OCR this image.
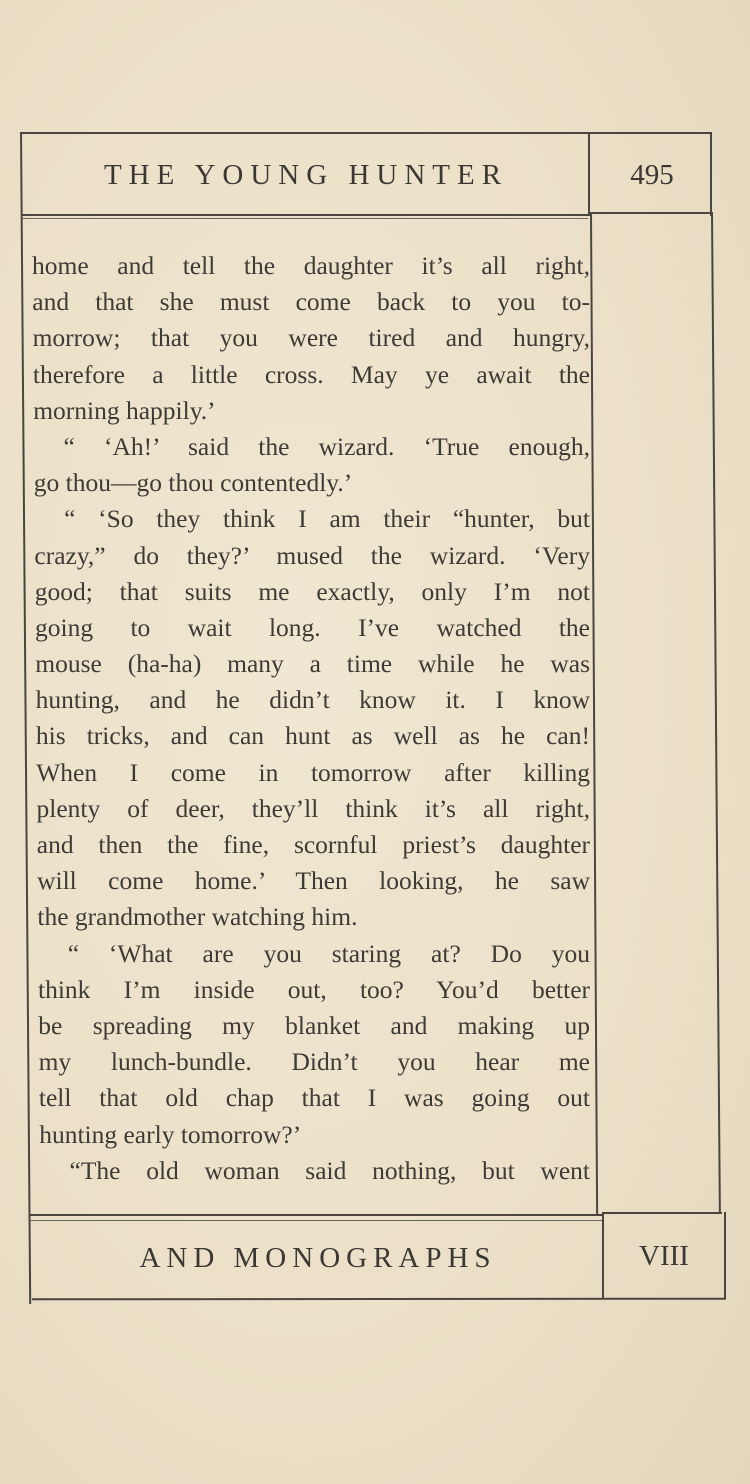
THE YOUNG HUNTER	495
home and tell the daughter it’s all right,
and that she must come back to you to-
morrow; that you were tired and hungry,
therefore a little cross. May ye await the
morning happily.’
“ ‘Ah!’ said the wizard. ‘True enough,
go thou—go thou contentedly.’
“ ‘So they think I am their “hunter, but
crazy,” do they?’ mused the wizard. ‘Very
good; that suits me exactly, only I’m not
going to wait long. I’ve watched the
mouse (ha-ha) many a time while he was
hunting, and he didn’t know it. I know
his tricks, and can hunt as well as he can!
When I come in tomorrow after killing
plenty of deer, they’ll think it’s all right,
and then the fine, scornful priest’s daughter
will come home.’ Then looking, he saw
the grandmother watching him.
“ ‘What are you staring at? Do you
think I’m inside out, too? You’d better
be spreading my blanket and making up
my lunch-bundle. Didn’t you hear me
tell that old chap that I was going out
hunting early tomorrow?’
“The old woman said nothing, but went
AND MONOGRAPHS	VIII
